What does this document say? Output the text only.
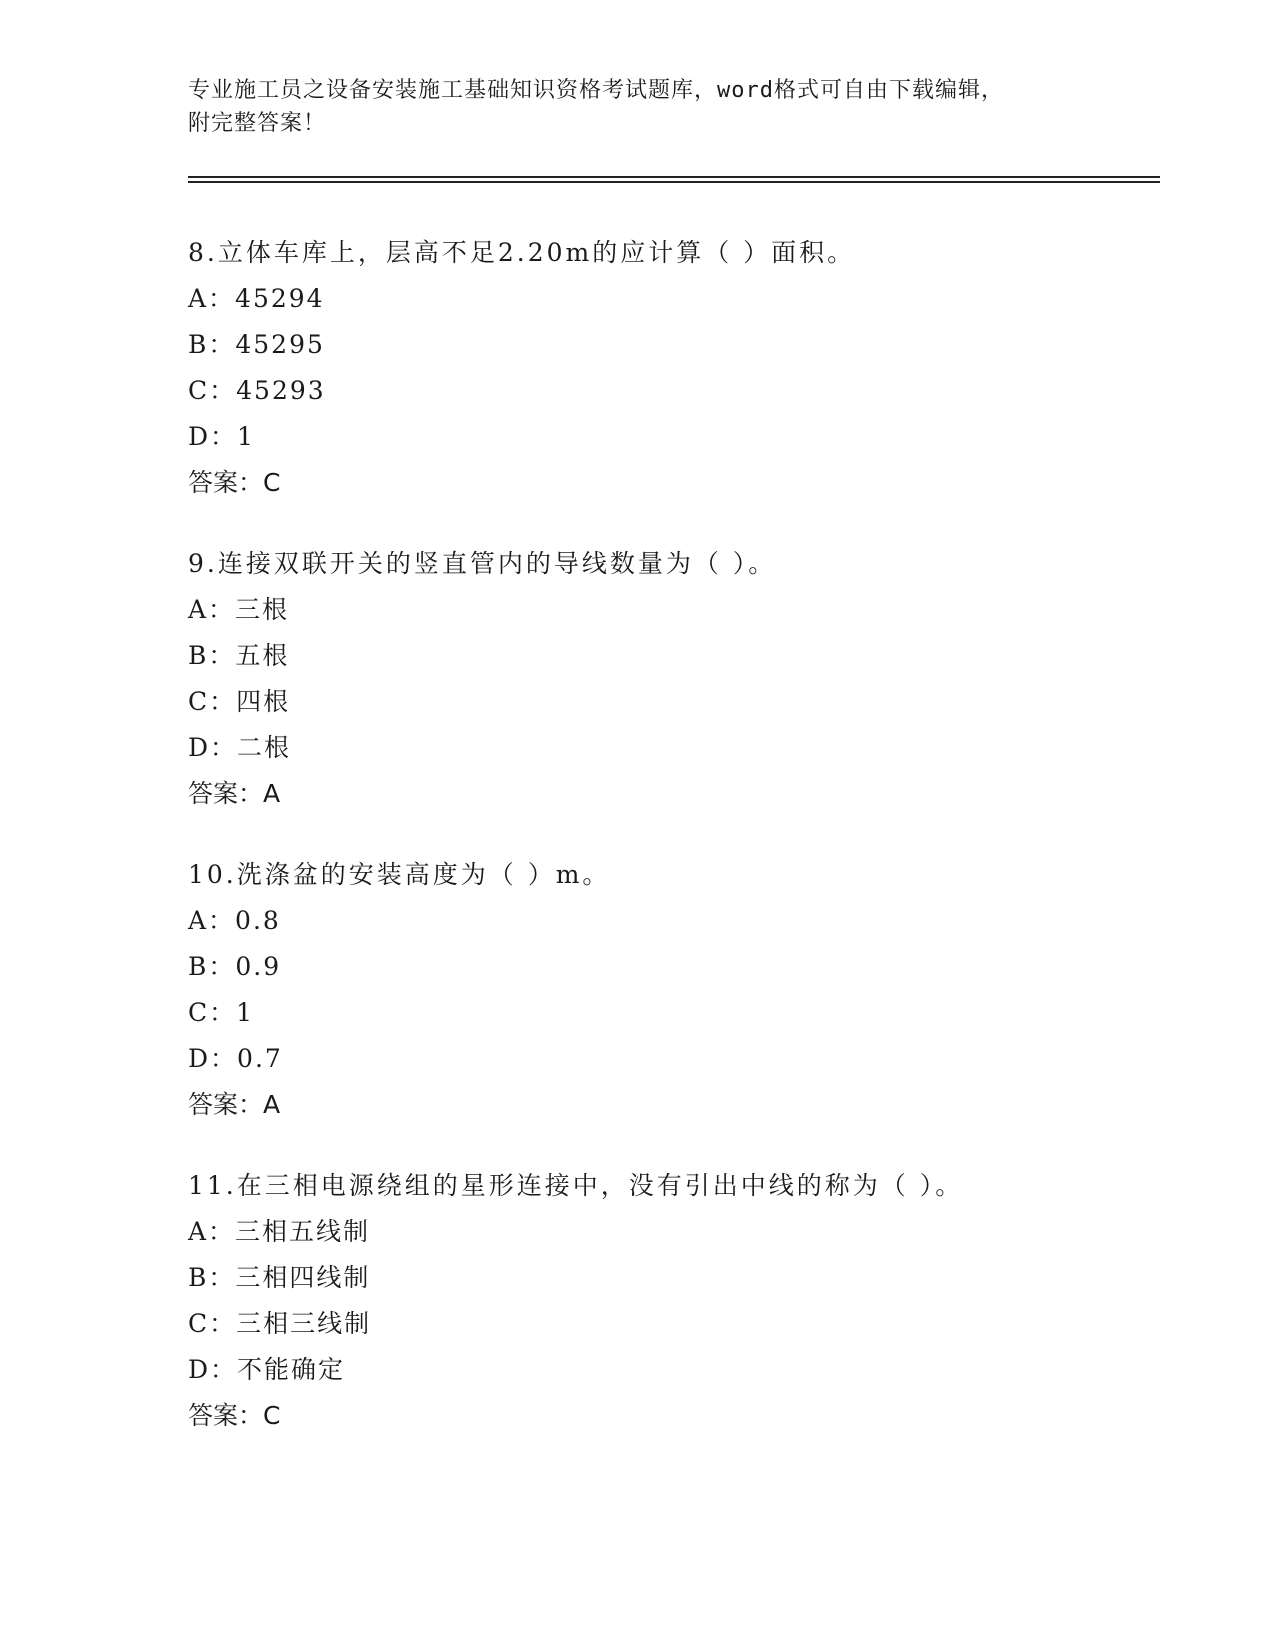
专业施工员之设备安装施工基础知识资格考试题库，word格式可自由下载编辑，
附完整答案！
8.立体车库上，层高不足2.20m的应计算（ ）面积。
A：45294
B：45295
C：45293
D：1
答案：C
9.连接双联开关的竖直管内的导线数量为（ ）。
A：三根
B：五根
C：四根
D：二根
答案：A
10.洗涤盆的安装高度为（ ）m。
A：0.8
B：0.9
C：1
D：0.7
答案：A
11.在三相电源绕组的星形连接中，没有引出中线的称为（ ）。
A：三相五线制
B：三相四线制
C：三相三线制
D：不能确定
答案：C
